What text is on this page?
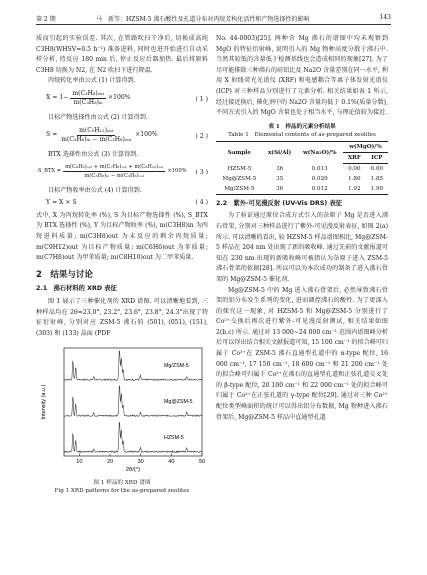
第 2 期	马　新等：HZSM-5 沸石酸性及孔道分布对丙烷芳构化活性和产物选择性的影响	143

质而引起的实验误差. 其次, 在管路吹扫干净后, 切换成高纯 C3H8(WHSV=0.5 h⁻¹) 准备进料, 同时也进开始进行自动采样分析, 持反应 180 min 后, 停止反应后器加热. 最后将原料 C3H8 切换为 N2, 在 N2 吹扫下进行降温.

丙烷转化率由公式 (1) 计算得到.

$X = 1- \frac{\text{m(C₃H₈)ₒᵤₜ}}{\text{m(C₃H₈)ᵢₙ}} \times 100\%$	( 1 )

目标产物选择性由公式 (2) 计算得到.

$S = \frac{\text{m(C₉H₁₂)ₒᵤₜ}}{\text{m(C₃H₈)ᵢₙ − m(C₃H₈)ₒᵤₜ}} \times 100\%$	( 2 )

BTX 选择性由公式 (3) 计算得到.

S_BTX = $\frac{\text{m(C₆H₆)ₒᵤₜ + m(C₇H₈)ₒᵤₜ + m(C₈H₁₀)ₒᵤₜ}}{\text{m(C₃H₈)ᵢₙ − m(C₃H₈)ₒᵤₜ}} \times 100\%$ ( 3 )

目标产物收率由公式 (4) 计算得到.

Y = X × S	( 4 )

式中, X 为丙烷转化率 (%), S 为目标产物选择性 (%), S_BTX 为 BTX 选择性 (%), Y 为目标产物收率 (%), m(C3H8)in 为丙烷进料质量; m(C3H8)out 为未反应的剩余丙烷质量; m(C9H12)out 为目标产物质量; m(C6H6)out 为苯质量; m(C7H8)out 为甲苯质量; m(C8H10)out 为二甲苯质量.

2　结果与讨论
2.1　沸石材料的 XRD 表征

图 1 展示了三种催化剂的 XRD 谱图. 可以清晰地看到, 三种样品均在 2θ=23.0°, 23.2°, 23.6°, 23.8°, 24.3°出现了特征衍射峰, 分别对应 ZSM-5 沸石的 (501), (051), (151), (303) 和 (133) 晶面 (PDF

10	20	30	40	50
2θ/(°)
Intensity (a.u.)
Mg/ZSM-5
Mg@ZSM-5
HZSM-5
图 1 样品的 XRD 谱图
Fig 1 XRD patterns for the as-prepared zeolites

No. 44-0003)[25]. 两种含 Mg 沸石的谱图中均未观察到 MgO 的特征衍射峰, 说明引入的 Mg 物种高度分散于沸石中. 当然其较低的含量低于检测基线也会造成相同的现象[27]. 为了尽可能排除三种沸石的硅铝比及 Na2O 含量差别在同一水平, 利用 X 射线荧光光谱仪 (XRF) 和电感耦合等离子体发射光谱仪 (ICP) 对三种样品分别进行了元素分析. 相关结果如表 1 所示, 经过接近换后, 催化剂中的 Na2O 含量均低于 0.1%(质量分数), 不同方式引入的 MgO 含量也处于相当水平, 与理论值较为接近.

表 1　样品的元素分析结果
Table 1　Elemental contents of as-prepared zeolites
Sample	x(Si/Al)	w(Na₂O)/%	w(MgO)/%	
			XRF	ICP
HZSM-5	36	0.013	0.00	0.00
Mg@ZSM-5	35	0.029	1.80	1.85
Mg/ZSM-5	36	0.012	1.92	1.90
2.2　紫外-可见漫反射 (UV-Vis DRS) 表征

为了验证通过原位合成方式引入的杂原子 Mg 是否进入沸石骨架, 分别对三种样品进行了紫外-可见漫反射表征, 如图 2(a) 所示. 可以清晰的看出, 较 HZSM-5 样品谱图相比, Mg@ZSM-5 样品在 204 nm 处出现了新的吸收峰. 通过先前的文献报道可知在 230 nm 出现的新吸收峰可被指认为杂原子进入 ZSM-5 沸石骨架的依据[28]. 所以可以为本次成功的制备了进入沸石骨架的 Mg@ZSM-5 催化剂.

Mg@ZSM-5 中的 Mg 进入沸石骨架后, 必然导致沸石骨架的铝分布发生系列的变化, 进而调控沸石的酸性. 为了更深入的探究这一现象, 对 HZSM-5 和 Mg@ZSM-5 分别进行了 Co²⁺交换后再次进行紫外-可见漫反射测试, 相关结果如图 2(b,c) 所示. 通过对 13 000~24 000 cm⁻¹ 范围内谱图峰分析后可以得出结合相关文献报道可知, 15 100 cm⁻¹ 的拟合峰可归属于 Co²⁺在 ZSM-5 沸石直通型孔道中的 α-type 配位, 16 000 cm⁻¹, 17 150 cm⁻¹, 18 600 cm⁻¹ 和 21 200 cm⁻¹ 处的拟合峰可归属于 Co²⁺在沸石的直通型孔道和正弦孔道交叉处的 β-type 配位, 20 100 cm⁻¹ 和 22 000 cm⁻¹ 处的拟合峰可归属于 Co²⁺在正弦孔道的 γ-type 配位[29]. 通过对三种 Co²⁺配位类型峰面积的统计可以得出铝分布数据, Mg 物种进入沸石骨架后, Mg@ZSM-5 样品中直通型孔道
